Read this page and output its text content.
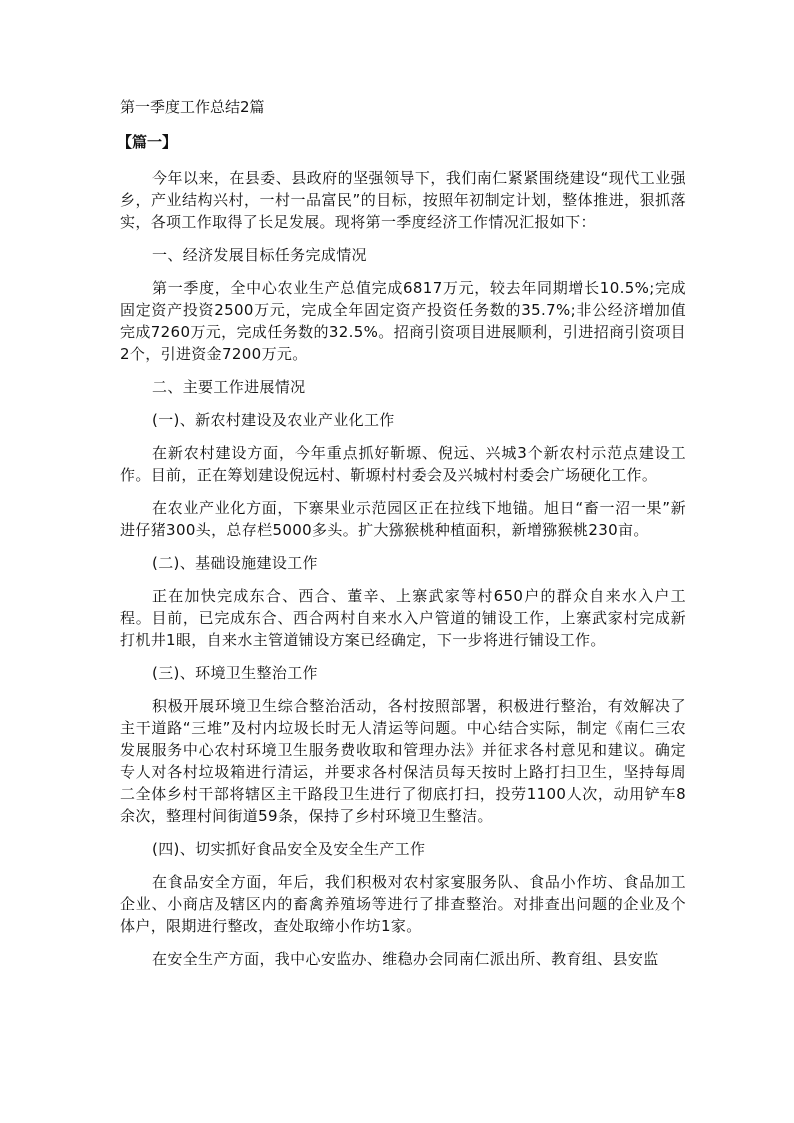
第一季度工作总结2篇
【篇一】

今年以来，在县委、县政府的坚强领导下，我们南仁紧紧围绕建设“现代工业强乡，产业结构兴村，一村一品富民”的目标，按照年初制定计划，整体推进，狠抓落实，各项工作取得了长足发展。现将第一季度经济工作情况汇报如下：

一、经济发展目标任务完成情况

第一季度，全中心农业生产总值完成6817万元，较去年同期增长10.5%;完成固定资产投资2500万元，完成全年固定资产投资任务数的35.7%;非公经济增加值完成7260万元，完成任务数的32.5%。招商引资项目进展顺利，引进招商引资项目2个，引进资金7200万元。

二、主要工作进展情况

(一)、新农村建设及农业产业化工作

在新农村建设方面，今年重点抓好靳塬、倪远、兴城3个新农村示范点建设工作。目前，正在筹划建设倪远村、靳塬村村委会及兴城村村委会广场硬化工作。

在农业产业化方面，下寨果业示范园区正在拉线下地锚。旭日“畜一沼一果”新进仔猪300头，总存栏5000多头。扩大猕猴桃种植面积，新增猕猴桃230亩。

(二)、基础设施建设工作

正在加快完成东合、西合、董辛、上寨武家等村650户的群众自来水入户工程。目前，已完成东合、西合两村自来水入户管道的铺设工作，上寨武家村完成新打机井1眼，自来水主管道铺设方案已经确定，下一步将进行铺设工作。

(三)、环境卫生整治工作

积极开展环境卫生综合整治活动，各村按照部署，积极进行整治，有效解决了主干道路“三堆”及村内垃圾长时无人清运等问题。中心结合实际，制定《南仁三农发展服务中心农村环境卫生服务费收取和管理办法》并征求各村意见和建议。确定专人对各村垃圾箱进行清运，并要求各村保洁员每天按时上路打扫卫生，坚持每周二全体乡村干部将辖区主干路段卫生进行了彻底打扫，投劳1100人次，动用铲车8余次，整理村间街道59条，保持了乡村环境卫生整洁。

(四)、切实抓好食品安全及安全生产工作

在食品安全方面，年后，我们积极对农村家宴服务队、食品小作坊、食品加工企业、小商店及辖区内的畜禽养殖场等进行了排查整治。对排查出问题的企业及个体户，限期进行整改，查处取缔小作坊1家。

在安全生产方面，我中心安监办、维稳办会同南仁派出所、教育组、县安监
